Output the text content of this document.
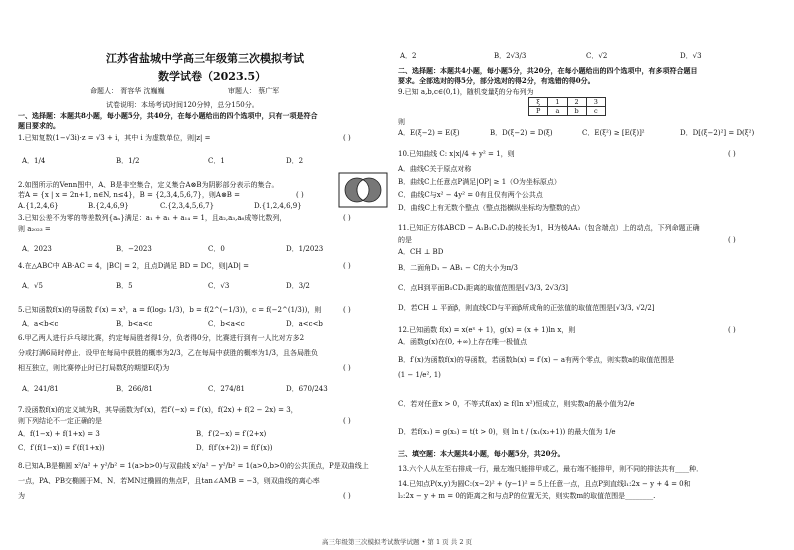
江苏省盐城中学高三年级第三次模拟考试
数学试卷（2023.5）
命题人： 胥容华 沈巍巍	审题人： 蔡广军
试卷说明：本场考试时间120分钟，总分150分。
一、选择题：本题共8小题，每小题5分，共40分，在每小题给出的四个选项中，只有一项是符合
题目要求的。
1.已知复数(1−√3i)·z = √3 + i，其中 i 为虚数单位，则|z| =	( )
A．1/4	B．1/2	C．1	D．2
2.如图所示的Venn图中，A、B是非空集合，定义集合A⊗B为阴影部分表示的集合。
若A = {x | x = 2n+1, n∈N, n≤4}，B = {2,3,4,5,6,7}，则A⊗B =	( )
A.{1,2,4,6}	B.{2,4,6,9}	C.{2,3,4,5,6,7}	D.{1,2,4,6,9}
3.已知公差不为零的等差数列{aₙ}满足：a₁ + a₁ + a₁₄ = 1，且a₂,a₃,a₆成等比数列，
则 a₂₀₂₃ =
( )
A．2023	B．−2023	C．0	D．1/2023
4.在△ABC中 AB·AC = 4，|BC| = 2，且点D满足 BD = DC，则|AD| =	( )
A．√5	B．5	C．√3	D．3/2
5.已知函数f(x)的导函数 f′(x) = x³，a = f(log₂ 1/3)，b = f(2^(−1/3))，c = f(−2^(1/3))，则	( )
A．a<b<c	B．b<a<c	C．b<a<c	D．a<c<b
6.甲乙两人进行乒乓球比赛，约定每局胜者得1分，负者得0分，比赛进行到有一人比对方多2
分或打满6局时停止．设甲在每局中获胜的概率为2/3，乙在每局中获胜的概率为1/3，且各局胜负
相互独立，则比赛停止时已打局数ξ的期望E(ξ)为	( )
A．241/81	B．266/81	C．274/81	D．670/243
7.设函数f(x)的定义域为R，其导函数为f′(x)，若f′(−x) = f′(x)，f(2x) + f(2 − 2x) = 3，
则下列结论不一定正确的是	( )
A．f(1−x) + f(1+x) = 3	B．f′(2−x) = f′(2+x)
C．f′(f(1−x)) = f′(f(1+x))	D．f(f′(x+2)) = f(f′(x))
8.已知A,B是椭圆 x²/a² + y²/b² = 1(a>b>0)与双曲线 x²/a² − y²/b² = 1(a>0,b>0)的公共顶点，P是双曲线上
一点，PA、PB交椭圆于M、N．若MN过椭圆的焦点F，且tan∠AMB = −3，则双曲线的离心率
为	( )
A．2	B．2√3/3	C．√2	D．√3
二、选择题：本题共4小题，每小题5分，共20分，在每小题给出的四个选项中，有多项符合题目
要求。全部选对的得5分，部分选对的得2分，有选错的得0分。
9.已知 a,b,c∈(0,1)，随机变量ξ的分布列为
ξ	1	2	3
P	a	b	c
则
A．E(ξ−2) = E(ξ)	B．D(ξ−2) = D(ξ)	C．E(ξ²) ≥ [E(ξ)]²	D．D[(ξ−2)²] = D(ξ²)
10.已知曲线 C: x|x|/4 + y² = 1，则	( )
A．曲线C关于原点对称
B．曲线C上任意点P满足|OP| ≥ 1（O为坐标原点）
C．曲线C与x² − 4y² = 0有且仅有两个公共点
D．曲线C上有无数个整点（整点指横纵坐标均为整数的点）
11.已知正方体ABCD − A₁B₁C₁D₁的棱长为1，H为棱AA₁（包含端点）上的动点，下列命题正确
的是	( )
A．CH ⊥ BD
B．二面角D₁ − AB₁ − C的大小为π/3
C．点H到平面B₁CD₁距离的取值范围是[√3/3, 2√3/3]
D．若CH ⊥ 平面β，则直线CD与平面β所成角的正弦值的取值范围是[√3/3, √2/2]
12.已知函数 f(x) = x(eˣ + 1)，g(x) = (x + 1)ln x，则	( )
A．函数g(x)在(0, +∞)上存在唯一极值点
B．f′(x)为函数f(x)的导函数，若函数h(x) = f′(x) − a有两个零点，则实数a的取值范围是
(1 − 1/e², 1)
C．若对任意x > 0，不等式f(ax) ≥ f(ln x²)恒成立，则实数a的最小值为2/e
D．若f(x₁) = g(x₂) = t(t > 0)，则 ln t / (x₁(x₂+1)) 的最大值为 1/e
三、填空题：本大题共4小题，每小题5分，共20分。
13.六个人从左至右排成一行，最左端只能排甲或乙，最右端不能排甲，则不同的排法共有____种．
14.已知点P(x,y)为圆C:(x−2)² + (y−1)² = 5上任意一点，且点P到直线l₁:2x − y + 4 = 0和
l₂:2x − y + m = 0的距离之和与点P的位置无关，则实数m的取值范围是________.
高三年级第三次模拟考试数学试题 • 第 1 页 共 2 页
